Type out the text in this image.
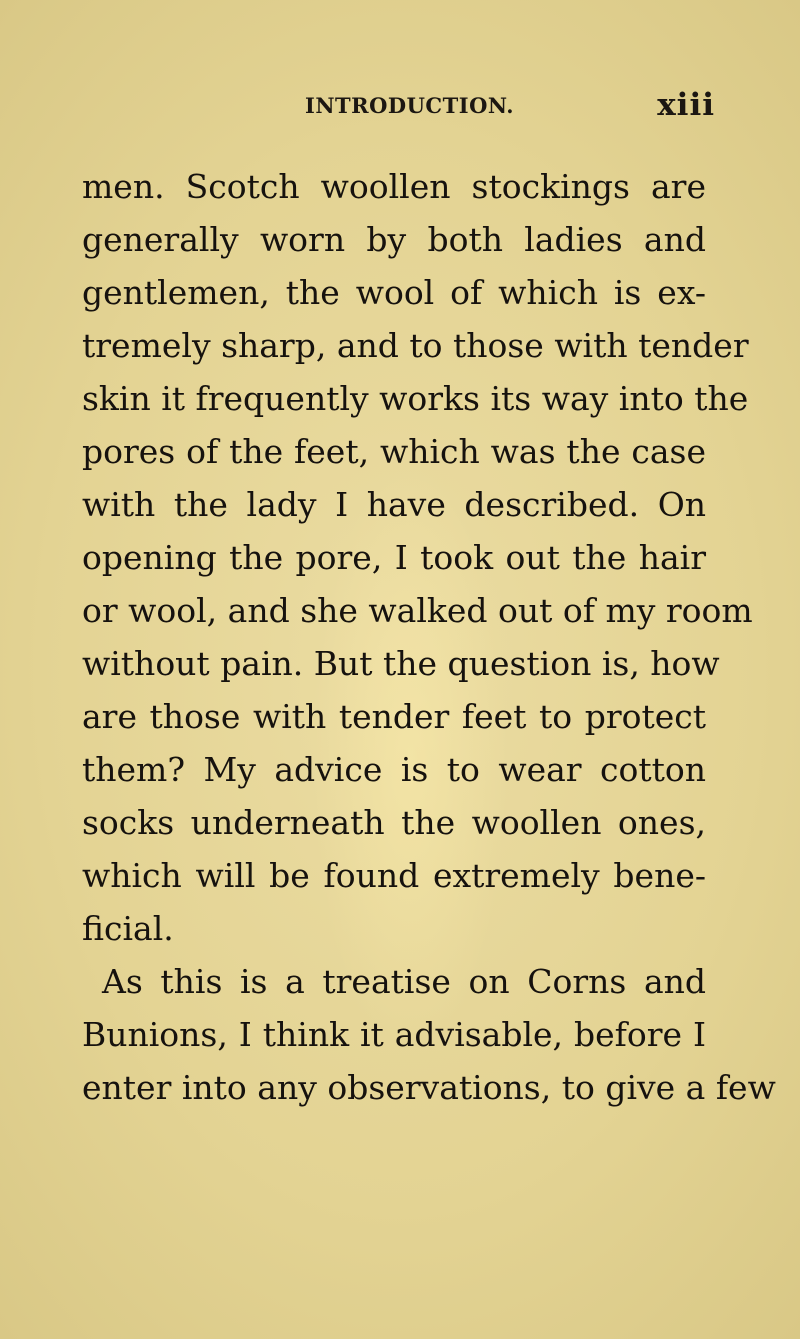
INTRODUCTION.	xiii
men. Scotch woollen stockings are
generally worn by both ladies and
gentlemen, the wool of which is ex-
tremely sharp, and to those with tender
skin it frequently works its way into the
pores of the feet, which was the case
with the lady I have described. On
opening the pore, I took out the hair
or wool, and she walked out of my room
without pain. But the question is, how
are those with tender feet to protect
them? My advice is to wear cotton
socks underneath the woollen ones,
which will be found extremely bene-
ficial.
As this is a treatise on Corns and
Bunions, I think it advisable, before I
enter into any observations, to give a few
